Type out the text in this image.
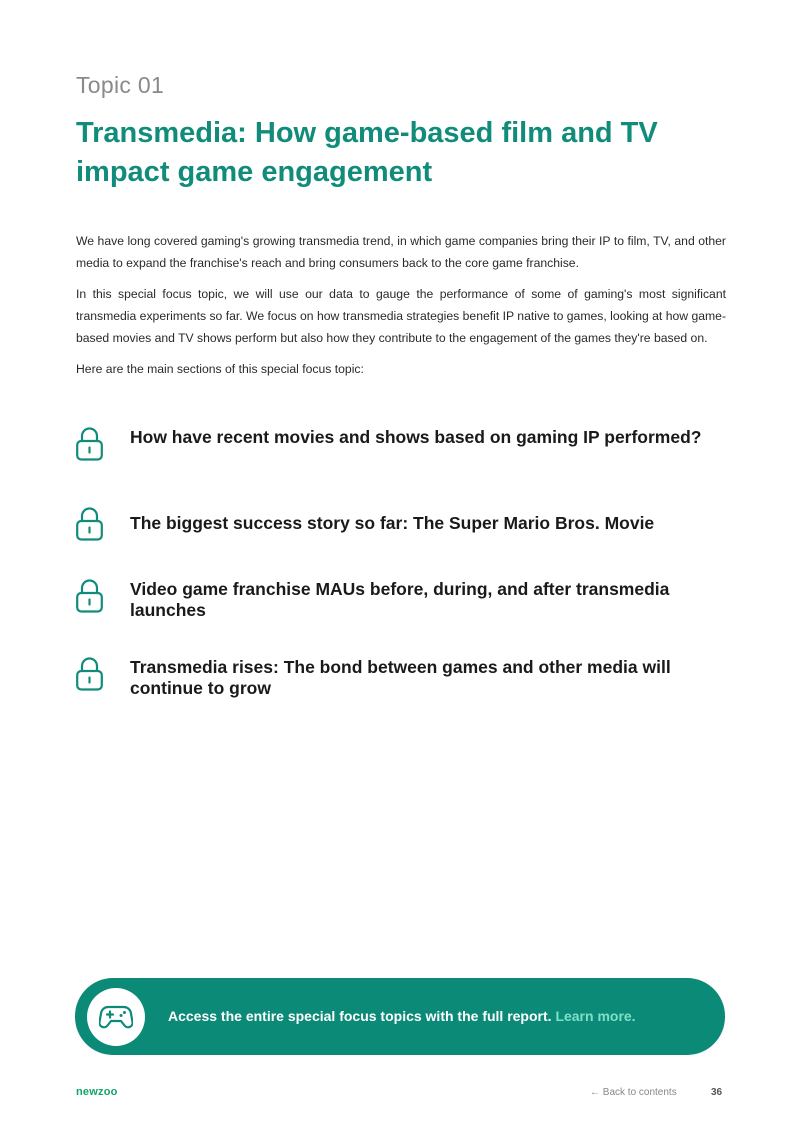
Topic 01
Transmedia: How game-based film and TV impact game engagement

We have long covered gaming's growing transmedia trend, in which game companies bring their IP to film, TV, and other media to expand the franchise's reach and bring consumers back to the core game franchise.

In this special focus topic, we will use our data to gauge the performance of some of gaming's most significant transmedia experiments so far. We focus on how transmedia strategies benefit IP native to games, looking at how game-based movies and TV shows perform but also how they contribute to the engagement of the games they're based on.

Here are the main sections of this special focus topic:

How have recent movies and shows based on gaming IP performed?
The biggest success story so far: The Super Mario Bros. Movie
Video game franchise MAUs before, during, and after transmedia launches
Transmedia rises: The bond between games and other media will continue to grow
Access the entire special focus topics with the full report. Learn more.
newzoo	← Back to contents	36
